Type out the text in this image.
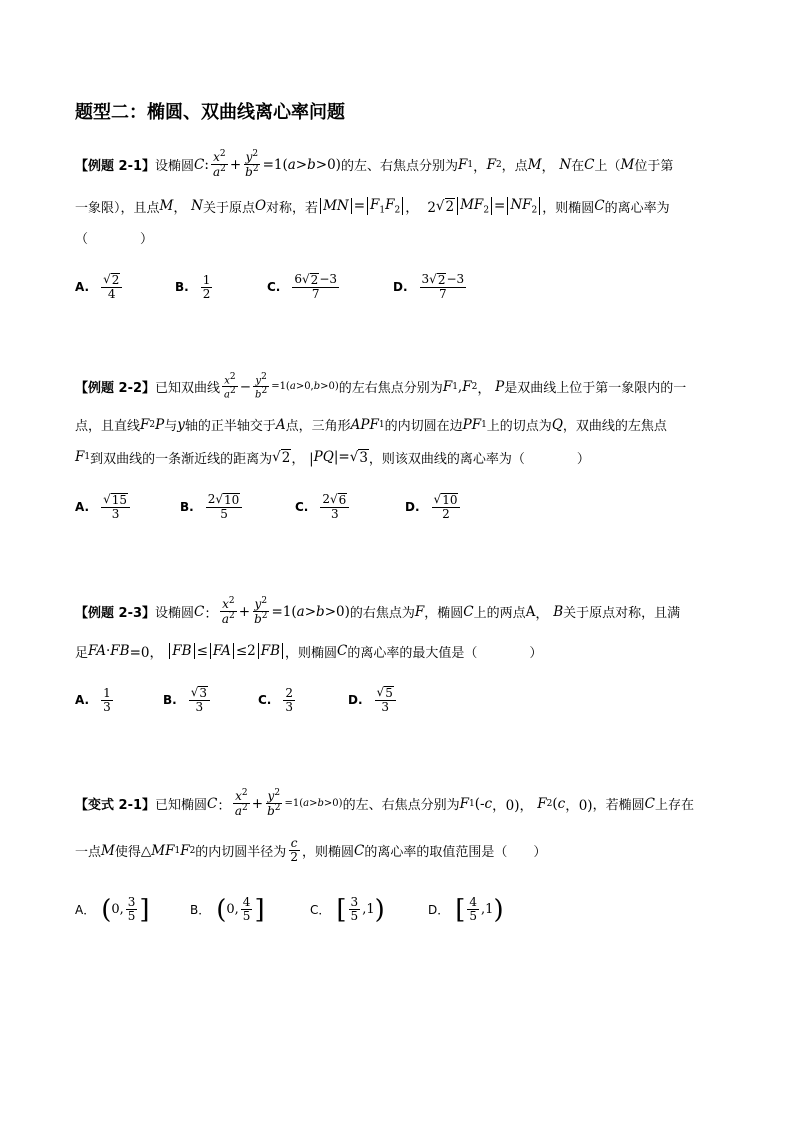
题型二：椭圆、双曲线离心率问题
【例题 2-1】 设椭圆 C : $\frac{x^2}{a^2} + \frac{y^2}{b^2} =1$( a > b >0) 的左、右焦点分别为 F 1 ， F 2 ，点 M ， N 在 C 上（ M 位于第
一象限），且点 M ， N 关于原点 O 对称，若 MN = $F_1F_2$ ，  2 √ 2 $MF_2 = NF_2$ ，则椭圆 C 的离心率为
（　　　　）
A. $\frac{√ 2}{4}$	B. $\frac{1}{2}$	C. $\frac{6 √ 2 -3}{7}$	D. $\frac{3 √ 2 -3}{7}$
【例题 2-2】 已知双曲线 $\frac{x^2}{a^2} - \frac{y^2}{b^2} =1(a>0,b>0)$ 的左右焦点分别为 F 1 , F 2 ， P 是双曲线上位于第一象限内的一
点，且直线 F 2 P 与 y 轴的正半轴交于 A 点，三角形 APF 1 的内切圆在边 PF 1 上的切点为 Q ，双曲线的左焦点
F 1 到双曲线的一条渐近线的距离为 √ 2 ， | PQ |= √ 3 ，则该双曲线的离心率为（　　　　）
A. $\frac{√ 15}{3}$	B. $\frac{2 √ 10}{5}$	C. $\frac{2 √ 6}{3}$	D. $\frac{√ 10}{2}$
【例题 2-3】 设椭圆 C ： $\frac{x^2}{a^2} + \frac{y^2}{b^2} =1$( a > b >0) 的右焦点为 F ，椭圆 C 上的两点 A ， B 关于原点对称，且满
足 FA · FB =0， FB ≤ FA ≤2 FB ，则椭圆 C 的离心率的最大值是（　　　　）
A. $\frac{1}{3}$	B. $\frac{√ 3}{3}$	C. $\frac{2}{3}$	D. $\frac{√ 5}{3}$
【变式 2-1】 已知椭圆 C ： $\frac{x^2}{a^2} + \frac{y^2}{b^2} =1(a>b>0)$ 的左、右焦点分别为 F 1 (- c ，0)， F 2 ( c ，0) ，若椭圆 C 上存在
一点 M 使得 △ MF 1 F 2 的内切圆半径为 $\frac{c}{2}$ ，则椭圆 C 的离心率的取值范围是（　　）
A． ( 0, $\frac{3}{5}$ ]	B． ( 0, $\frac{4}{5}$ ]	C． [ $\frac{3}{5} ,1$ )	D． [ $\frac{4}{5} ,1$ )
